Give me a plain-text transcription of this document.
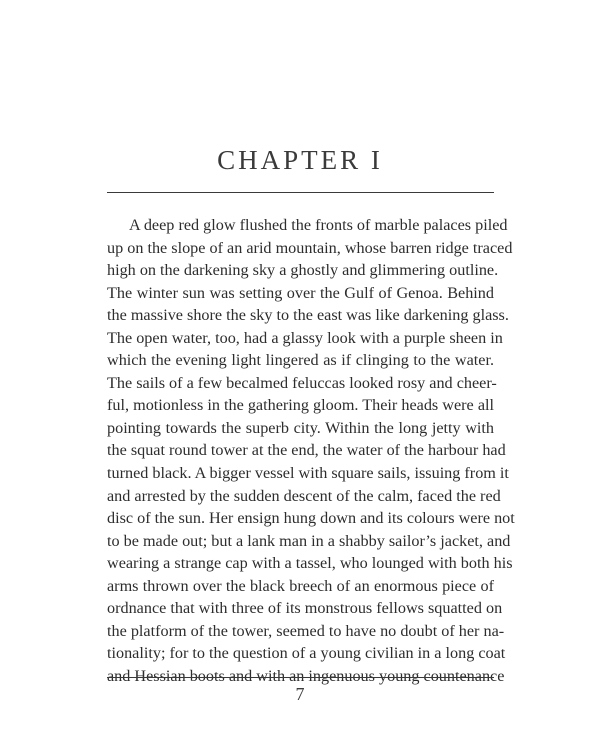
CHAPTER I
A deep red glow flushed the fronts of marble palaces piled
up on the slope of an arid mountain, whose barren ridge traced
high on the darkening sky a ghostly and glimmering outline.
The winter sun was setting over the Gulf of Genoa. Behind
the massive shore the sky to the east was like darkening glass.
The open water, too, had a glassy look with a purple sheen in
which the evening light lingered as if clinging to the water.
The sails of a few becalmed feluccas looked rosy and cheer-
ful, motionless in the gathering gloom. Their heads were all
pointing towards the superb city. Within the long jetty with
the squat round tower at the end, the water of the harbour had
turned black. A bigger vessel with square sails, issuing from it
and arrested by the sudden descent of the calm, faced the red
disc of the sun. Her ensign hung down and its colours were not
to be made out; but a lank man in a shabby sailor’s jacket, and
wearing a strange cap with a tassel, who lounged with both his
arms thrown over the black breech of an enormous piece of
ordnance that with three of its monstrous fellows squatted on
the platform of the tower, seemed to have no doubt of her na-
tionality; for to the question of a young civilian in a long coat
and Hessian boots and with an ingenuous young countenance
7
